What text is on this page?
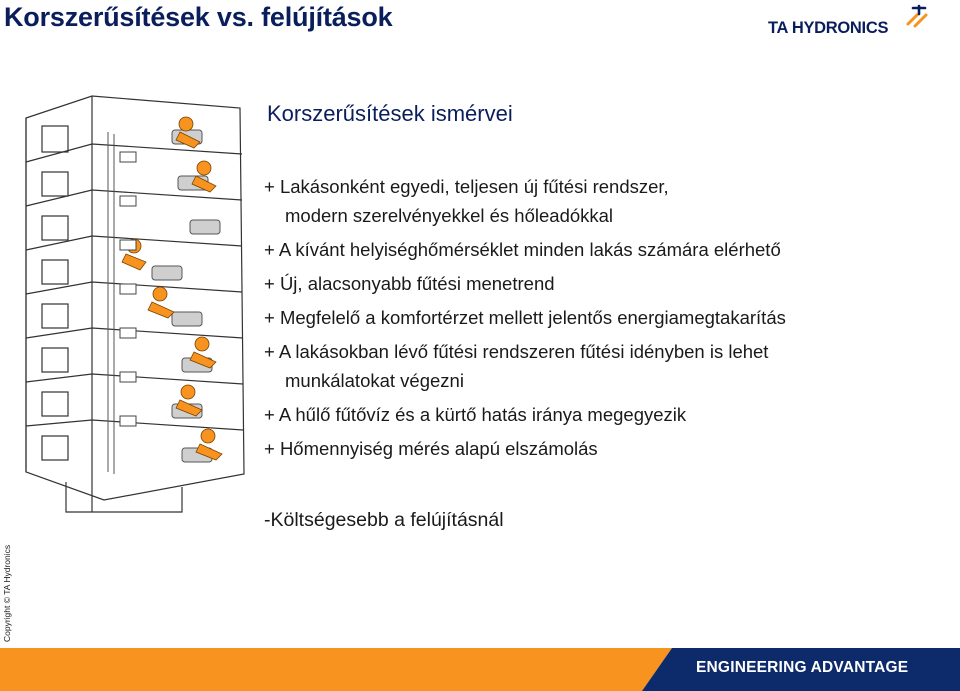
Korszerűsítések vs. felújítások	TA HYDRONICS
Copyright © TA Hydronics
Korszerűsítések ismérvei
+ Lakásonként egyedi, teljesen új fűtési rendszer,
modern szerelvényekkel és hőleadókkal
+ A kívánt helyiséghőmérséklet minden lakás számára elérhető
+ Új, alacsonyabb fűtési menetrend
+ Megfelelő a komfortérzet mellett jelentős energiamegtakarítás
+ A lakásokban lévő fűtési rendszeren fűtési idényben is lehet
munkálatokat végezni
+ A hűlő fűtővíz és a kürtő hatás iránya megegyezik
+ Hőmennyiség mérés alapú elszámolás
-Költségesebb a felújításnál
ENGINEERING ADVANTAGE
